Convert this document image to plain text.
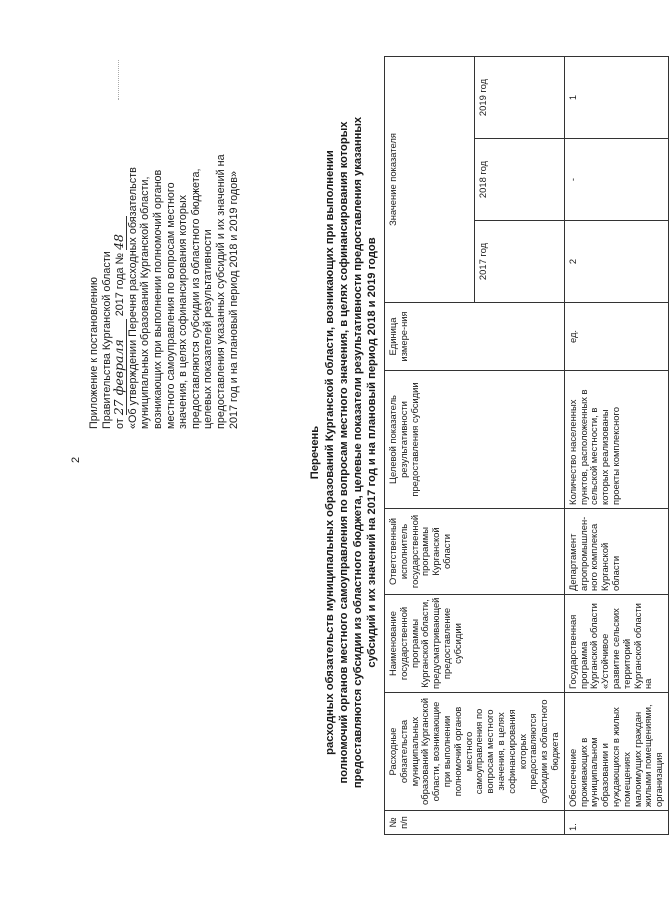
2
Приложение к постановлению Правительства Курганской области от 27 февраля 2017 года № 48 «Об утверждении Перечня расходных обязательств муниципальных образований Курганской области, возникающих при выполнении полномочий органов местного самоуправления по вопросам местного значения, в целях софинансирования которых предоставляются субсидии из областного бюджета, целевых показателей результативности предоставления указанных субсидий и их значений на 2017 год и на плановый период 2018 и 2019 годов»
Перечень расходных обязательств муниципальных образований Курганской области, возникающих при выполнении полномочий органов местного самоуправления по вопросам местного значения, в целях софинансирования которых предоставляются субсидии из областного бюджета, целевые показатели результативности предоставления указанных субсидий и их значений на 2017 год и на плановый период 2018 и 2019 годов
№ п/п	Расходные обязательства муниципальных образований Курганской области, возникающие при выполнении полномочий органов местного самоуправления по вопросам местного значения, в целях софинансирования которых предоставляются субсидии из областного бюджета	Наименование государственной программы Курганской области, предусматривающей предоставление субсидии	Ответственный исполнитель государственной программы Курганской области	Целевой показатель результативности предоставления субсидии	Единица измере-ния	Значение показателя		
						2017 год	2018 год	2019 год
1.	Обеспечение проживающих в муниципальном образовании и нуждающихся в жилых помещениях малоимущих граждан жилыми помещениями, организация	Государственная программа Курганской области «Устойчивое развитие сельских территорий Курганской области на	Департамент агропромышлен-ного комплекса Курганской области	Количество населенных пунктов, расположенных в сельской местности, в которых реализованы проекты комплексного	ед.	2	-	1
